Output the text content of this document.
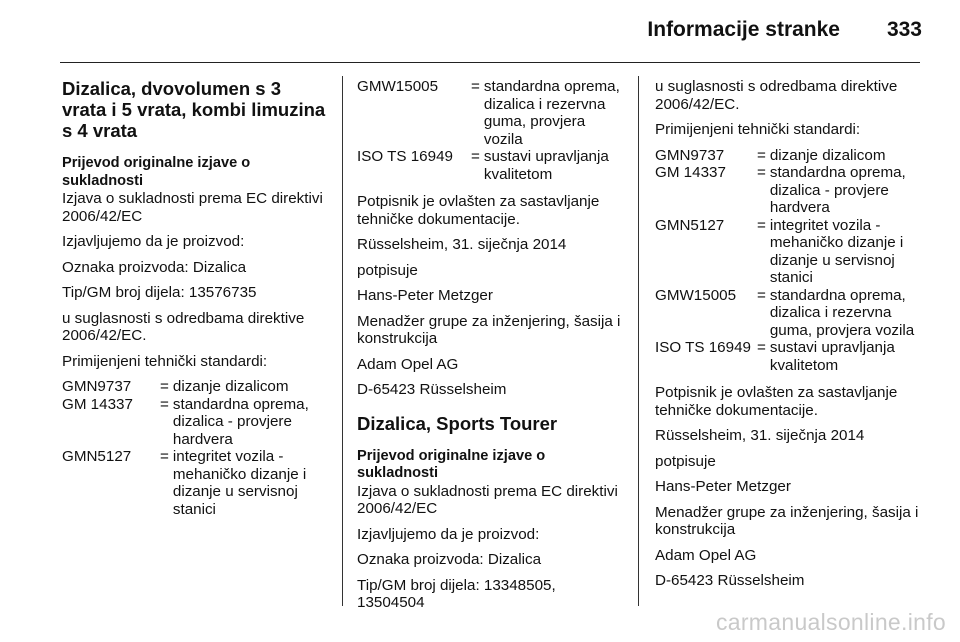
Informacije stranke 333
Dizalica, dvovolumen s 3 vrata i 5 vrata, kombi limuzina s 4 vrata
Prijevod originalne izjave o sukladnosti

Izjava o sukladnosti prema EC direktivi 2006/42/EC

Izjavljujemo da je proizvod:

Oznaka proizvoda: Dizalica

Tip/GM broj dijela: 13576735

u suglasnosti s odredbama direktive 2006/42/EC.

Primijenjeni tehnički standardi:

GMN9737	=	dizanje dizalicom
GM 14337	=	standardna oprema, dizalica - provjere hardvera
GMN5127	=	integritet vozila - mehaničko dizanje i dizanje u servisnoj stanici
GMW15005	=	standardna oprema, dizalica i rezervna guma, provjera vozila
ISO TS 16949	=	sustavi upravljanja kvalitetom

Potpisnik je ovlašten za sastavljanje tehničke dokumentacije.

Rüsselsheim, 31. siječnja 2014

potpisuje

Hans-Peter Metzger

Menadžer grupe za inženjering, šasija i konstrukcija

Adam Opel AG

D-65423 Rüsselsheim

Dizalica, Sports Tourer
Prijevod originalne izjave o sukladnosti

Izjava o sukladnosti prema EC direktivi 2006/42/EC

Izjavljujemo da je proizvod:

Oznaka proizvoda: Dizalica

Tip/GM broj dijela: 13348505, 13504504

u suglasnosti s odredbama direktive 2006/42/EC.

Primijenjeni tehnički standardi:

GMN9737	=	dizanje dizalicom
GM 14337	=	standardna oprema, dizalica - provjere hardvera
GMN5127	=	integritet vozila - mehaničko dizanje i dizanje u servisnoj stanici
GMW15005	=	standardna oprema, dizalica i rezervna guma, provjera vozila
ISO TS 16949	=	sustavi upravljanja kvalitetom

Potpisnik je ovlašten za sastavljanje tehničke dokumentacije.

Rüsselsheim, 31. siječnja 2014

potpisuje

Hans-Peter Metzger

Menadžer grupe za inženjering, šasija i konstrukcija

Adam Opel AG

D-65423 Rüsselsheim

carmanualsonline.info
